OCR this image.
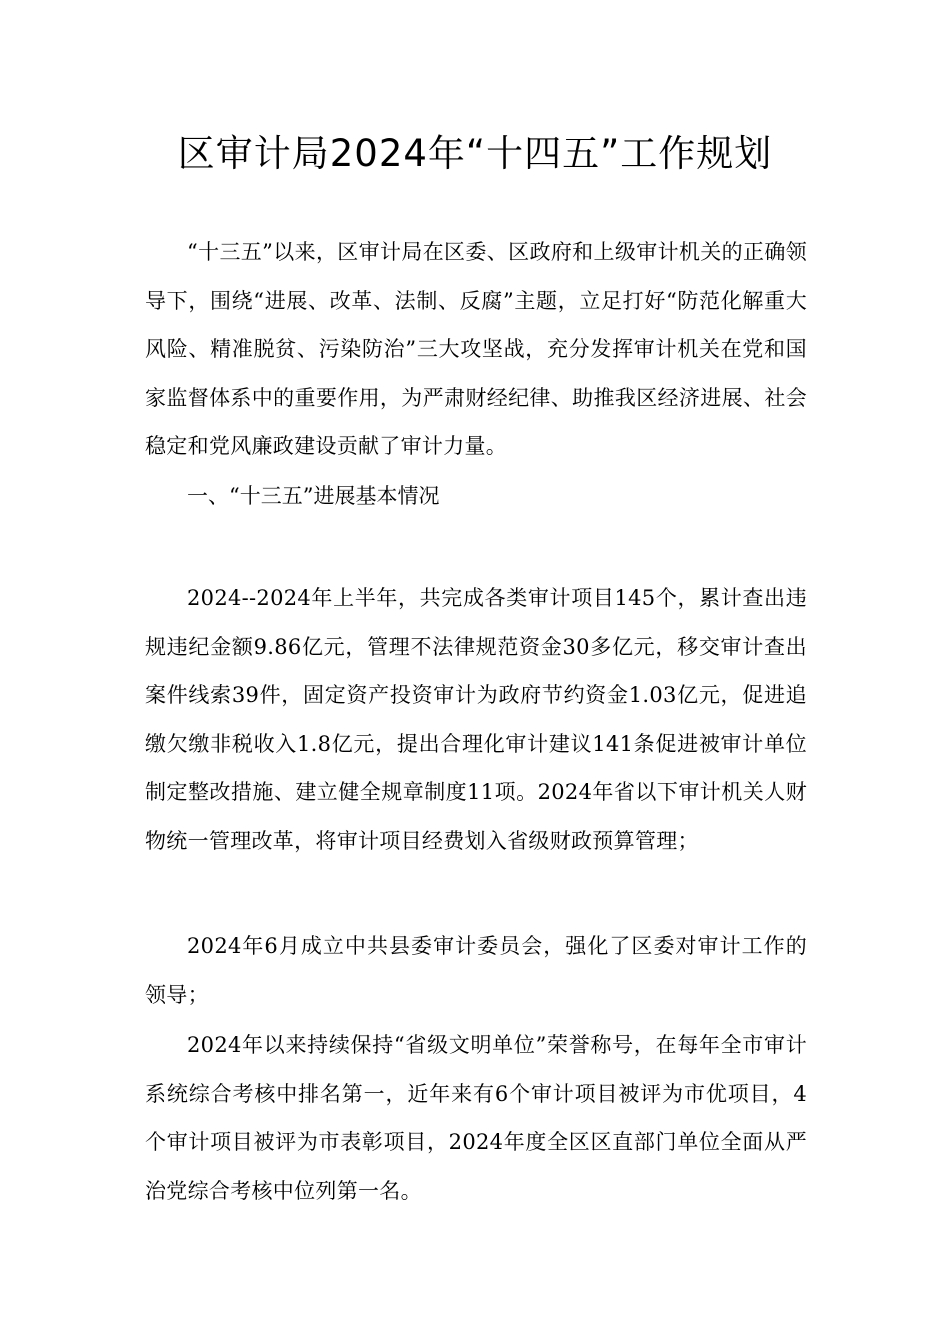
区审计局2024年“十四五”工作规划

“十三五”以来，区审计局在区委、区政府和上级审计机关的正确领导下，围绕“进展、改革、法制、反腐”主题，立足打好“防范化解重大风险、精准脱贫、污染防治”三大攻坚战，充分发挥审计机关在党和国家监督体系中的重要作用，为严肃财经纪律、助推我区经济进展、社会稳定和党风廉政建设贡献了审计力量。

一、“十三五”进展基本情况

2024--2024年上半年，共完成各类审计项目145个，累计查出违规违纪金额9.86亿元，管理不法律规范资金30多亿元，移交审计查出案件线索39件，固定资产投资审计为政府节约资金1.03亿元，促进追缴欠缴非税收入1.8亿元，提出合理化审计建议141条促进被审计单位制定整改措施、建立健全规章制度11项。2024年省以下审计机关人财物统一管理改革，将审计项目经费划入省级财政预算管理；

2024年6月成立中共县委审计委员会，强化了区委对审计工作的领导；

2024年以来持续保持“省级文明单位”荣誉称号，在每年全市审计系统综合考核中排名第一，近年来有6个审计项目被评为市优项目，4个审计项目被评为市表彰项目，2024年度全区区直部门单位全面从严治党综合考核中位列第一名。
